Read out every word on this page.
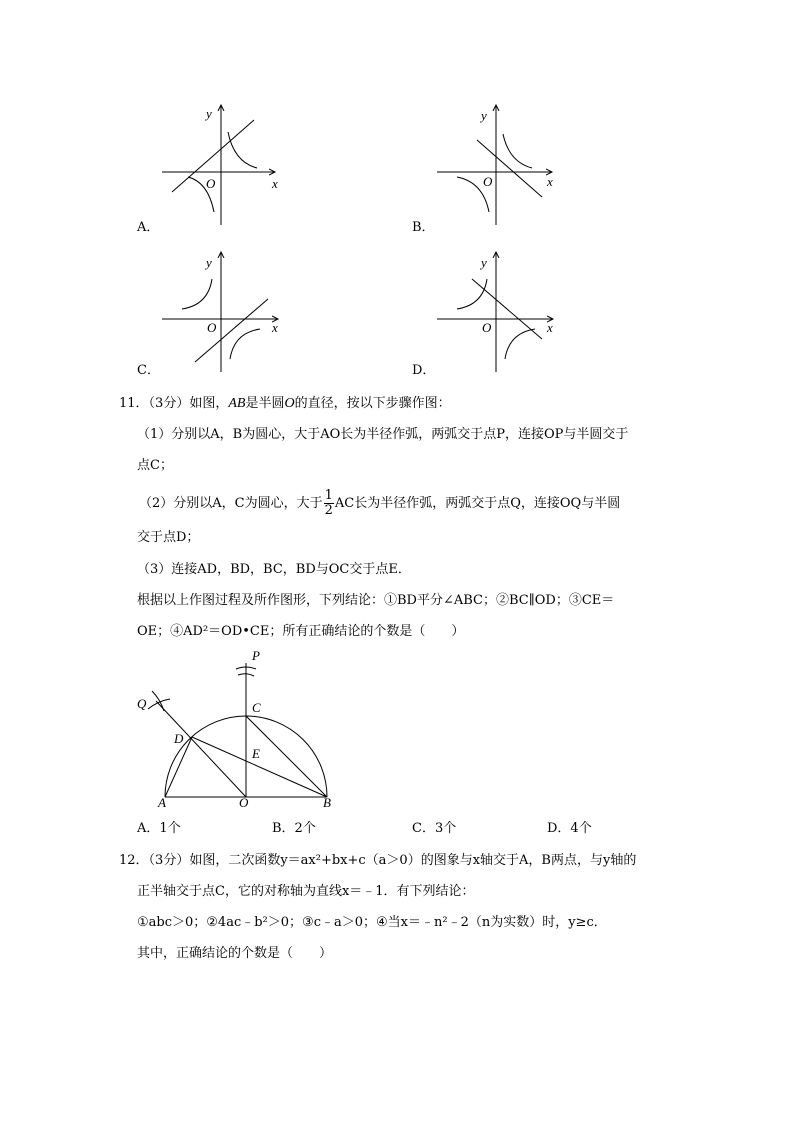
y
x
O
A．
y
x
O
B．
y
x
O
C．
y
x
O
D．
11．（3分）如图，AB是半圆O的直径，按以下步骤作图：
（1）分别以A，B为圆心，大于AO长为半径作弧，两弧交于点P，连接OP与半圆交于
点C；
（2）分别以A，C为圆心，大于 $\frac{1}{2}$ AC长为半径作弧，两弧交于点Q，连接OQ与半圆
交于点D；
（3）连接AD，BD，BC，BD与OC交于点E．
根据以上作图过程及所作图形，下列结论：①BD平分∠ABC；②BC∥OD；③CE＝
OE；④AD²＝OD•CE；所有正确结论的个数是（　　）
P
C
Q
D
E
A	O	B
A．1个	B．2个	C．3个	D．4个
12．（3分）如图，二次函数y＝ax²+bx+c（a＞0）的图象与x轴交于A，B两点，与y轴的
正半轴交于点C，它的对称轴为直线x＝﹣1．有下列结论：
①abc＞0；②4ac﹣b²＞0；③c﹣a＞0；④当x＝﹣n²﹣2（n为实数）时，y≥c．
其中，正确结论的个数是（　　）
